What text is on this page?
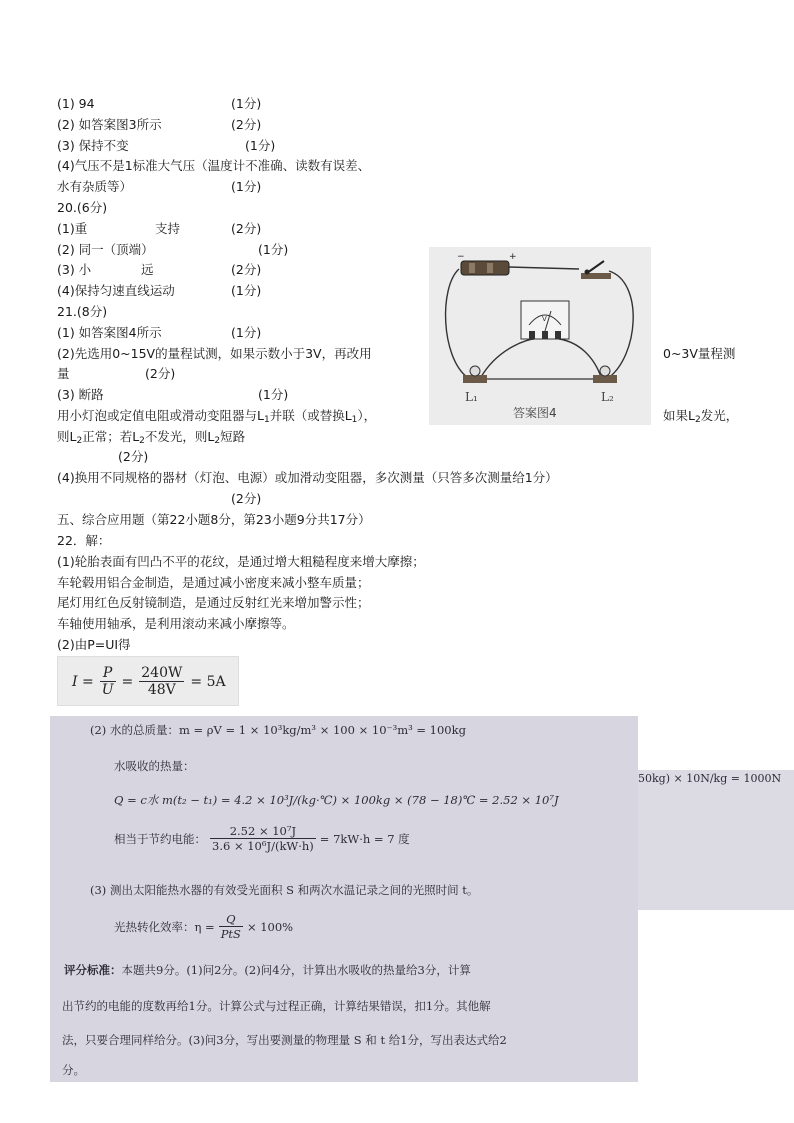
(1) 94	(1分)
(2) 如答案图3所示	(2分)
(3) 保持不变	(1分)
(4)气压不是1标准大气压（温度计不准确、读数有误差、
水有杂质等）	(1分)
20.(6分)
(1)重	支持	(2分)
(2) 同一（顶端）	(1分)
(3) 小	远	(2分)
(4)保持匀速直线运动	(1分)
21.(8分)
(1) 如答案图4所示	(1分)
(2)先选用0~15V的量程试测，如果示数小于3V，再改用	0~3V量程测
量	(2分)
(3) 断路	(1分)
用小灯泡或定值电阻或滑动变阻器与$L_1$并联（或替换$L_1$），	如果$L_2$发光，
则$L_2$正常；若$L_2$不发光，则$L_2$短路
(2分)
(4)换用不同规格的器材（灯泡、电源）或加滑动变阻器，多次测量（只答多次测量给1分）
(2分)
−	+
V
L₁	L₂
答案图4
五、综合应用题（第22小题8分，第23小题9分共17分）
22．解：
(1)轮胎表面有凹凸不平的花纹，是通过增大粗糙程度来增大摩擦；
车轮毂用铝合金制造，是通过减小密度来减小整车质量；
尾灯用红色反射镜制造，是通过反射红光来增加警示性；
车轴使用轴承，是利用滚动来减小摩擦等。
(2)由P=UI得
$I = \frac{P}{U} = \frac{240W}{48V} = 5A$
(2) 水的总质量：m = ρV = 1 × 10³kg/m³ × 100 × 10⁻³m³ = 100kg
水吸收的热量：
Q = c水 m(t₂ − t₁) = 4.2 × 10³J/(kg·℃) × 100kg × (78 − 18)℃ = 2.52 × 10⁷J
相当于节约电能： $\frac{\text{2.52 × 10⁷J}}{\text{3.6 × 10⁶J/(kW·h)}} = 7kW\cdot h = 7$ 度
(3) 测出太阳能热水器的有效受光面积 S 和两次水温记录之间的光照时间 t。
光热转化效率：$\eta = \frac{Q}{\text{PtS}} \times 100\%$
评分标准：本题共9分。(1)问2分。(2)问4分，计算出水吸收的热量给3分，计算
出节约的电能的度数再给1分。计算公式与过程正确，计算结果错误，扣1分。其他解
法，只要合理同样给分。(3)问3分，写出要测量的物理量 S 和 t 给1分，写出表达式给2
分。
50kg) × 10N/kg = 1000N
